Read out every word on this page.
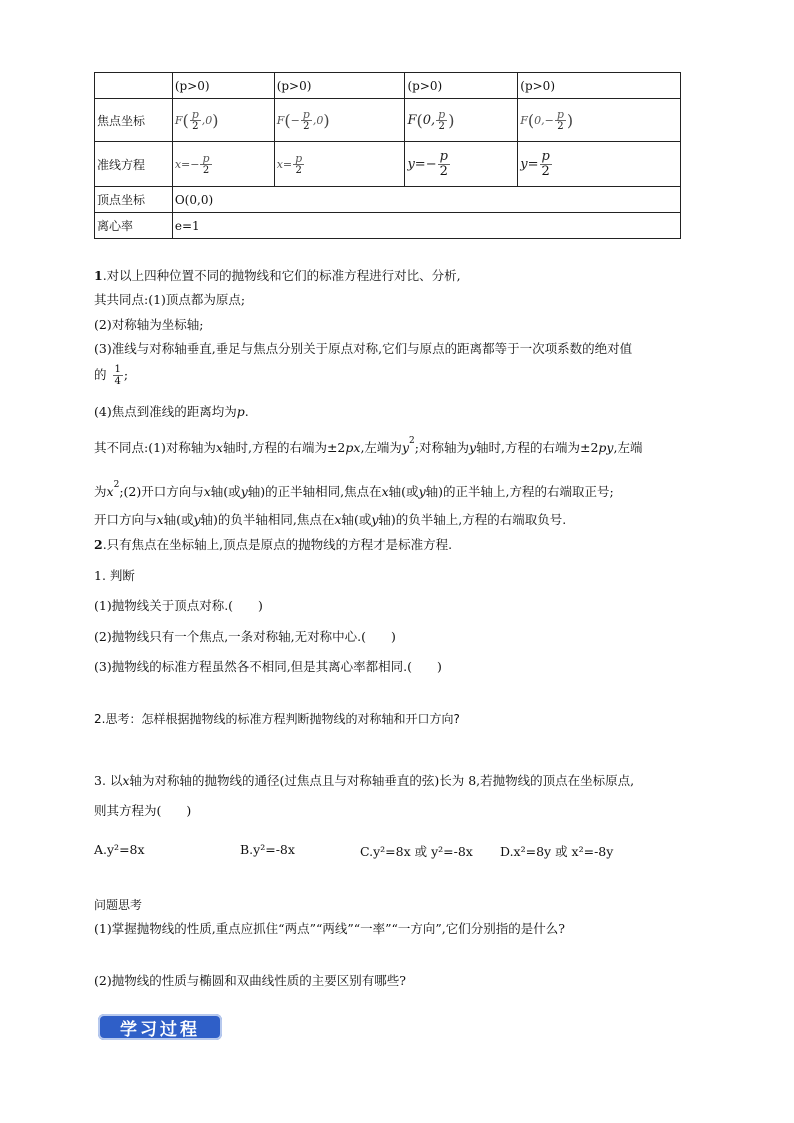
	(p>0)	(p>0)	(p>0)	(p>0)
焦点坐标	$F( \frac{p}{2} ,0)$	$F(- \frac{p}{2} ,0)$	F(0, $\frac{p}{2}$ )	$F(0,- \frac{p}{2}$ )
准线方程	$x=- \frac{p}{2}$	$x= \frac{p}{2}$	$y=- \frac{p}{2}$	$y= \frac{p}{2}$

顶点坐标	O(0,0)			
离心率	e=1			
1.对以上四种位置不同的抛物线和它们的标准方程进行对比、分析,
其共同点:(1)顶点都为原点;
(2)对称轴为坐标轴;
(3)准线与对称轴垂直,垂足与焦点分别关于原点对称,它们与原点的距离都等于一次项系数的绝对值
的 $\frac{1}{4}$ ;
(4)焦点到准线的距离均为p.
其不同点:(1)对称轴为x轴时,方程的右端为±2px,左端为$y^2$;对称轴为y轴时,方程的右端为±2py,左端
为$x^2;(2)$开口方向与x轴(或y轴)的正半轴相同,焦点在x轴(或y轴)的正半轴上,方程的右端取正号;
开口方向与x轴(或y轴)的负半轴相同,焦点在x轴(或y轴)的负半轴上,方程的右端取负号.
2.只有焦点在坐标轴上,顶点是原点的抛物线的方程才是标准方程.
1. 判断
(1)抛物线关于顶点对称.(　　)
(2)抛物线只有一个焦点,一条对称轴,无对称中心.(　　)
(3)抛物线的标准方程虽然各不相同,但是其离心率都相同.(　　)
2.思考：怎样根据抛物线的标准方程判断抛物线的对称轴和开口方向?
3. 以x轴为对称轴的抛物线的通径(过焦点且与对称轴垂直的弦)长为 8,若抛物线的顶点在坐标原点,
则其方程为(　　)
A.y²=8x	B.y²=-8x	C.y²=8x 或 y²=-8x D.x²=8y 或 x²=-8y
问题思考
(1)掌握抛物线的性质,重点应抓住“两点”“两线”“一率”“一方向”,它们分别指的是什么?
(2)抛物线的性质与椭圆和双曲线性质的主要区别有哪些?
学习过程
